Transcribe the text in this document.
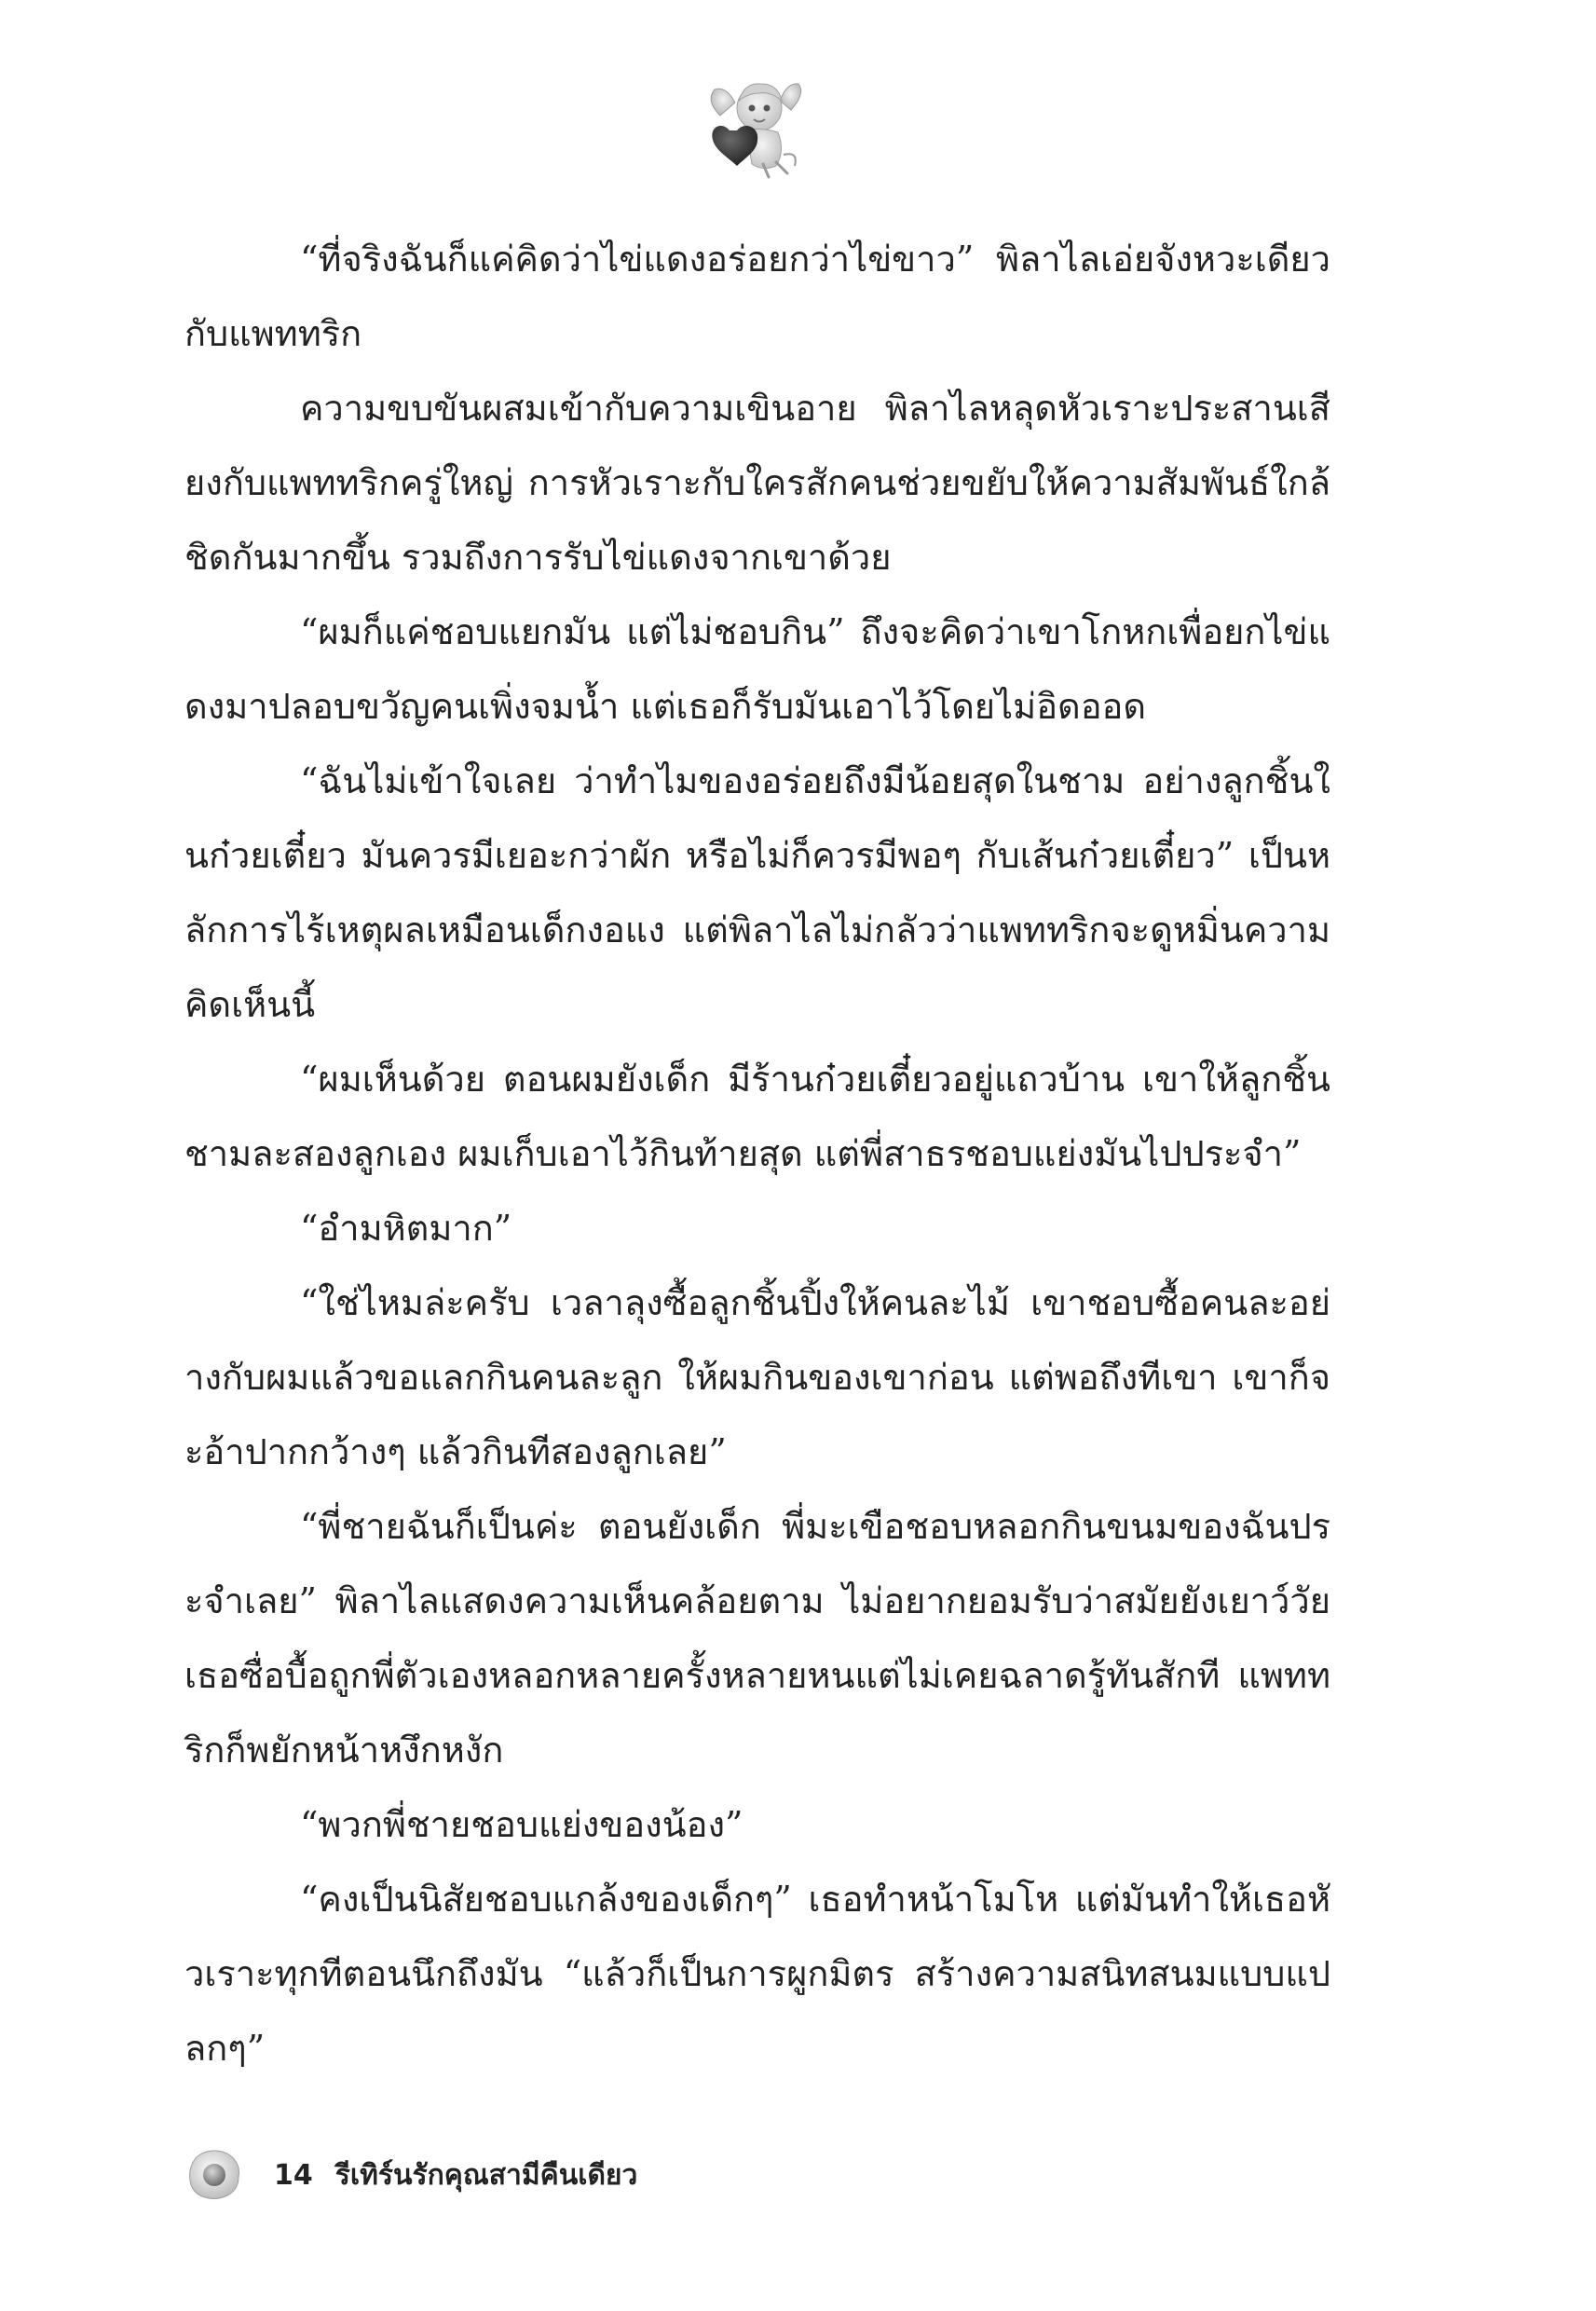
“ที่จริงฉันก็แค่คิดว่าไข่แดงอร่อยกว่าไข่ขาว” พิลาไลเอ่ยจังหวะเดียวกับแพททริก

ความขบขันผสมเข้ากับความเขินอาย พิลาไลหลุดหัวเราะประสานเสียงกับแพททริกครู่ใหญ่ การหัวเราะกับใครสักคนช่วยขยับให้ความสัมพันธ์ใกล้ชิดกันมากขึ้น รวมถึงการรับไข่แดงจากเขาด้วย

“ผมก็แค่ชอบแยกมัน แต่ไม่ชอบกิน” ถึงจะคิดว่าเขาโกหกเพื่อยกไข่แดงมาปลอบขวัญคนเพิ่งจมน้ำ แต่เธอก็รับมันเอาไว้โดยไม่อิดออด

“ฉันไม่เข้าใจเลย ว่าทำไมของอร่อยถึงมีน้อยสุดในชาม อย่างลูกชิ้นในก๋วยเตี๋ยว มันควรมีเยอะกว่าผัก หรือไม่ก็ควรมีพอๆ กับเส้นก๋วยเตี๋ยว” เป็นหลักการไร้เหตุผลเหมือนเด็กงอแง แต่พิลาไลไม่กลัวว่าแพททริกจะดูหมิ่นความคิดเห็นนี้

“ผมเห็นด้วย ตอนผมยังเด็ก มีร้านก๋วยเตี๋ยวอยู่แถวบ้าน เขาให้ลูกชิ้นชามละสองลูกเอง ผมเก็บเอาไว้กินท้ายสุด แต่พี่สาธรชอบแย่งมันไปประจำ”

“อำมหิตมาก”

“ใช่ไหมล่ะครับ เวลาลุงซื้อลูกชิ้นปิ้งให้คนละไม้ เขาชอบซื้อคนละอย่างกับผมแล้วขอแลกกินคนละลูก ให้ผมกินของเขาก่อน แต่พอถึงทีเขา เขาก็จะอ้าปากกว้างๆ แล้วกินทีสองลูกเลย”

“พี่ชายฉันก็เป็นค่ะ ตอนยังเด็ก พี่มะเขือชอบหลอกกินขนมของฉันประจำเลย” พิลาไลแสดงความเห็นคล้อยตาม ไม่อยากยอมรับว่าสมัยยังเยาว์วัย เธอซื่อบื้อถูกพี่ตัวเองหลอกหลายครั้งหลายหนแต่ไม่เคยฉลาดรู้ทันสักที แพททริกก็พยักหน้าหงึกหงัก

“พวกพี่ชายชอบแย่งของน้อง”

“คงเป็นนิสัยชอบแกล้งของเด็กๆ” เธอทำหน้าโมโห แต่มันทำให้เธอหัวเราะทุกทีตอนนึกถึงมัน “แล้วก็เป็นการผูกมิตร สร้างความสนิทสนมแบบแปลกๆ”

14 รีเทิร์นรักคุณสามีคืนเดียว
